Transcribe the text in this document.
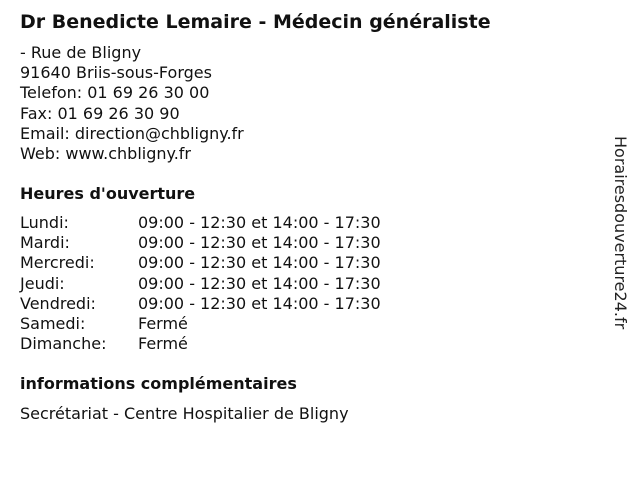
Dr Benedicte Lemaire - Médecin généraliste
- Rue de Bligny
91640 Briis-sous-Forges
Telefon: 01 69 26 30 00
Fax: 01 69 26 30 90
Email: direction@chbligny.fr
Web: www.chbligny.fr
Heures d'ouverture
Lundi:	09:00 - 12:30 et 14:00 - 17:30
Mardi:	09:00 - 12:30 et 14:00 - 17:30
Mercredi:	09:00 - 12:30 et 14:00 - 17:30
Jeudi:	09:00 - 12:30 et 14:00 - 17:30
Vendredi:	09:00 - 12:30 et 14:00 - 17:30
Samedi:	Fermé
Dimanche:	Fermé
informations complémentaires
Secrétariat - Centre Hospitalier de Bligny
Horairesdouverture24.fr
